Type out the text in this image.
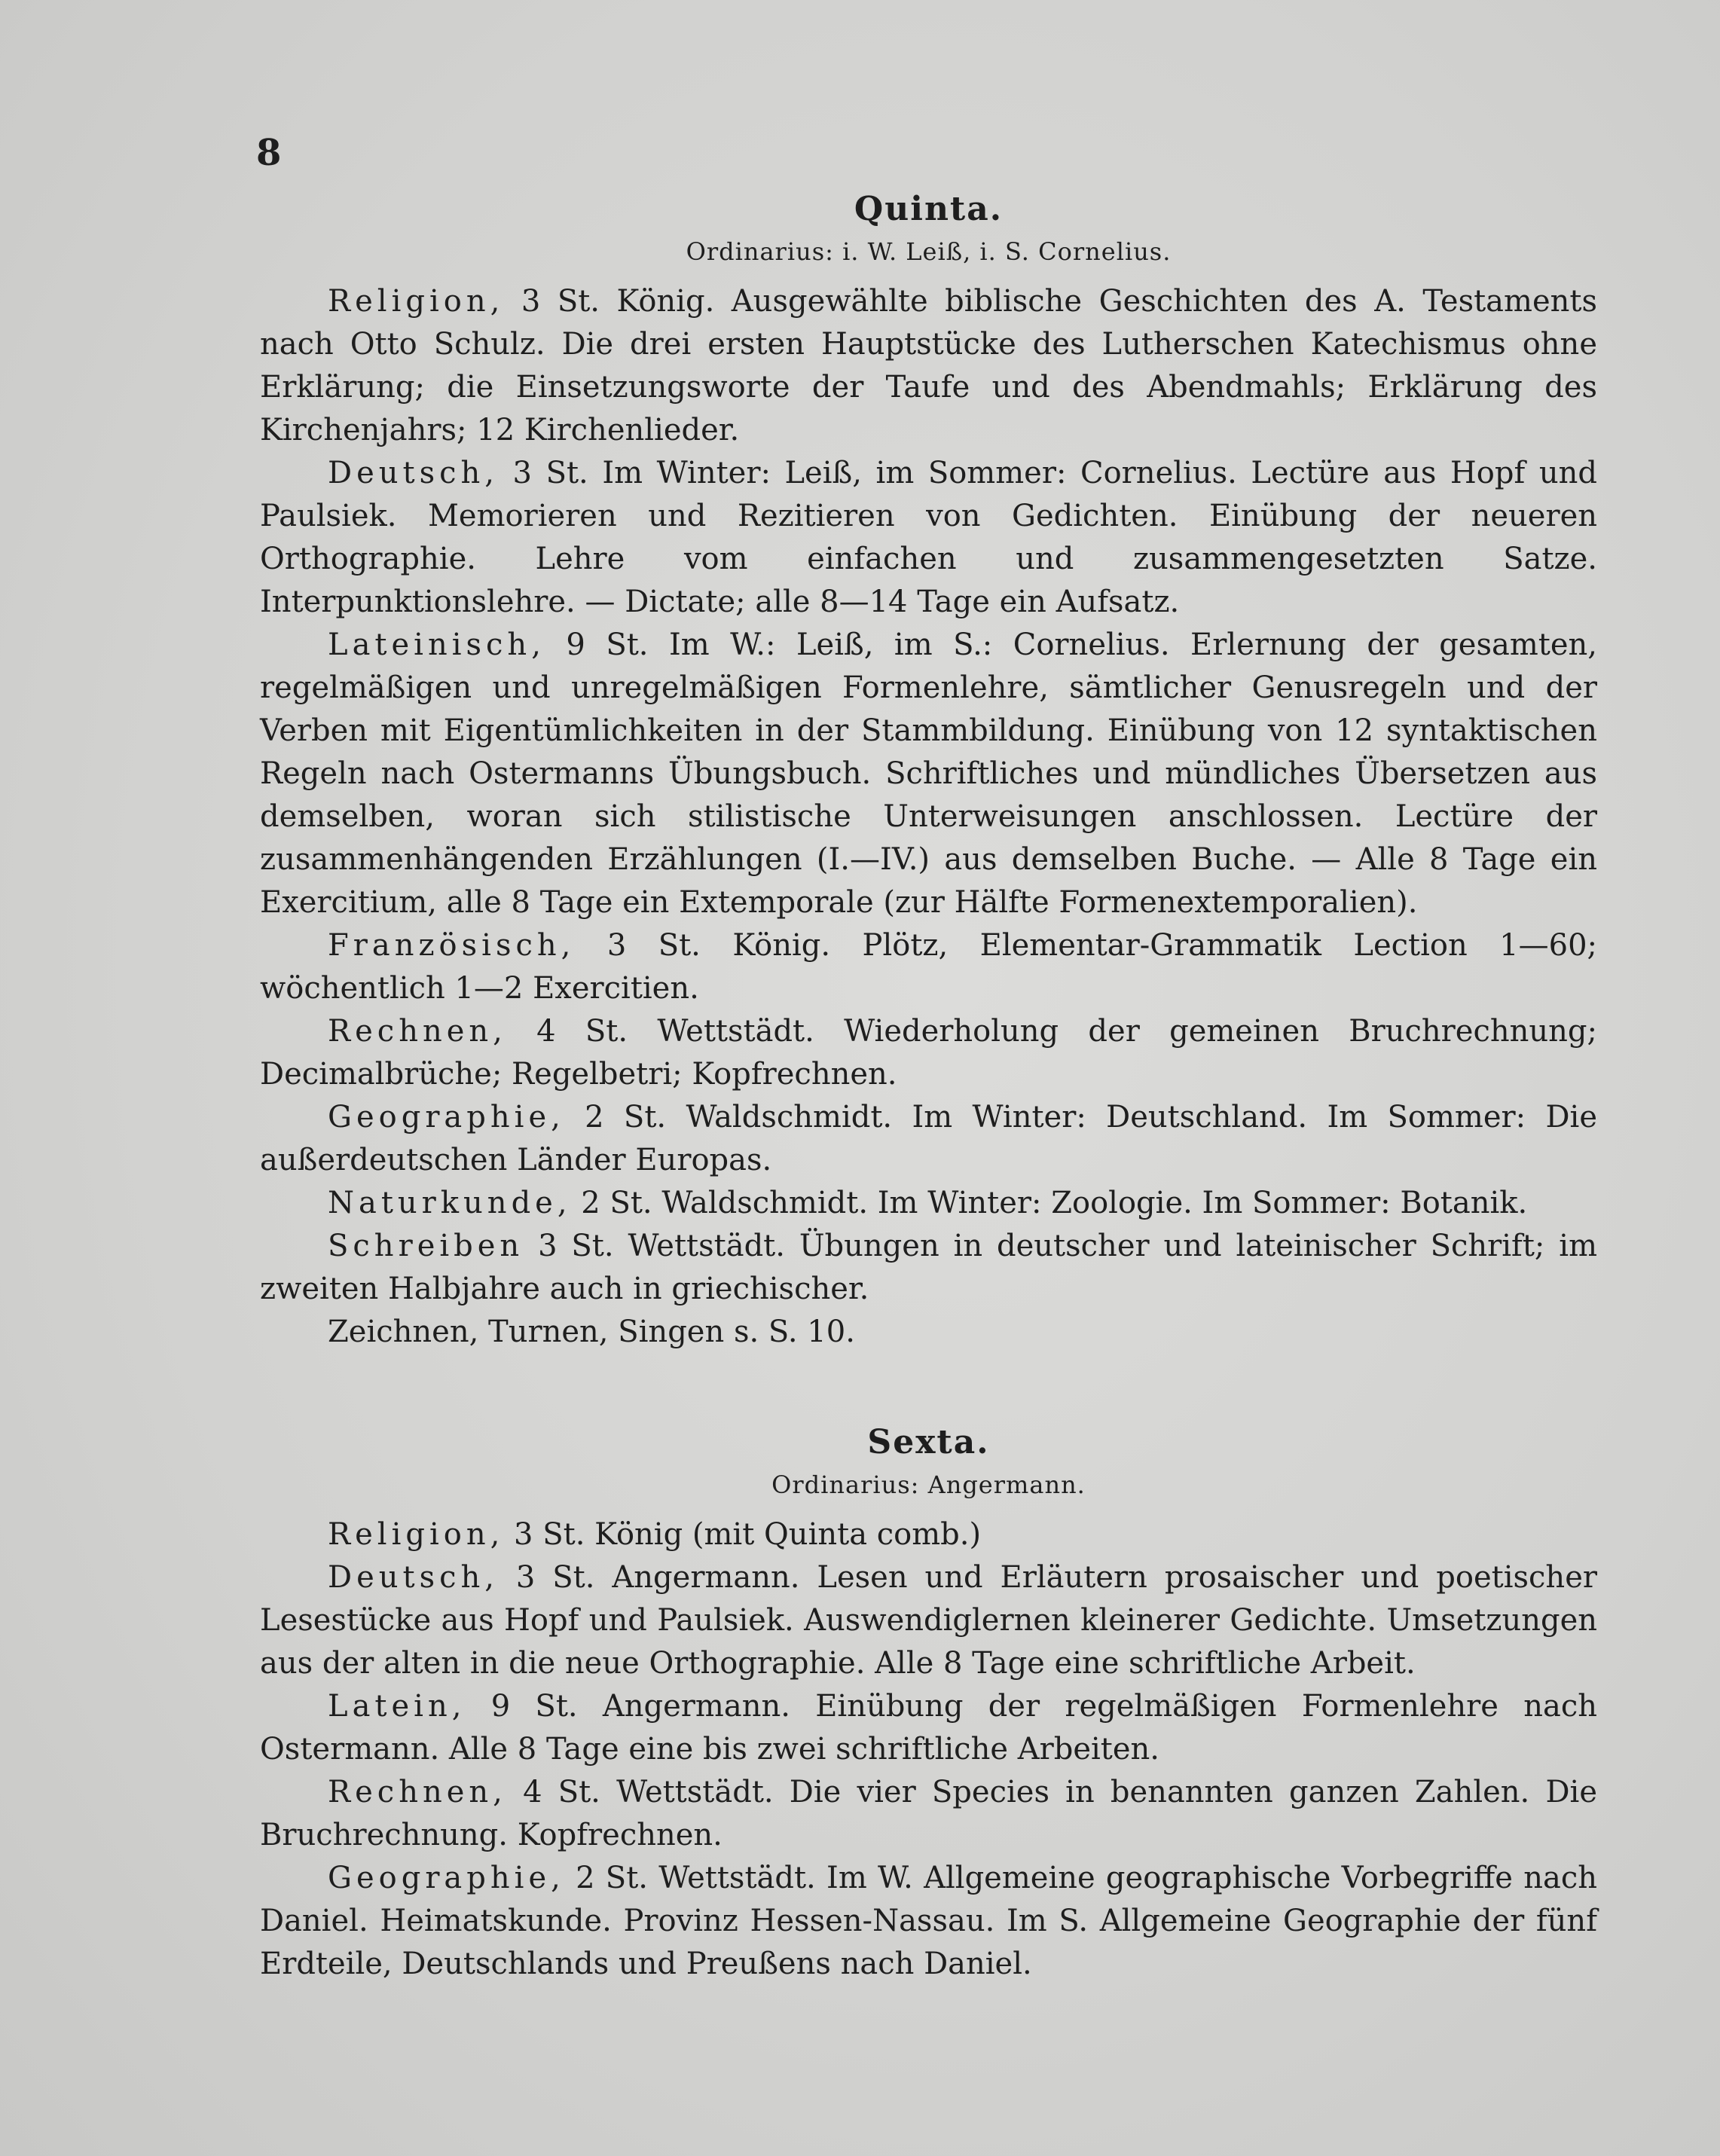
8
Quinta.
Ordinarius: i. W. Leiß, i. S. Cornelius.

Religion, 3 St. König. Ausgewählte biblische Geschichten des A. Testaments nach Otto Schulz. Die drei ersten Hauptstücke des Lutherschen Katechismus ohne Erklärung; die Einsetzungsworte der Taufe und des Abendmahls; Erklärung des Kirchenjahrs; 12 Kirchenlieder.

Deutsch, 3 St. Im Winter: Leiß, im Sommer: Cornelius. Lectüre aus Hopf und Paulsiek. Memorieren und Rezitieren von Gedichten. Einübung der neueren Orthographie. Lehre vom einfachen und zusammengesetzten Satze. Interpunktionslehre. — Dictate; alle 8—14 Tage ein Aufsatz.

Lateinisch, 9 St. Im W.: Leiß, im S.: Cornelius. Erlernung der gesamten, regelmäßigen und unregelmäßigen Formenlehre, sämtlicher Genusregeln und der Verben mit Eigentümlichkeiten in der Stammbildung. Einübung von 12 syntaktischen Regeln nach Ostermanns Übungsbuch. Schriftliches und mündliches Übersetzen aus demselben, woran sich stilistische Unterweisungen anschlossen. Lectüre der zusammenhängenden Erzählungen (I.—IV.) aus demselben Buche. — Alle 8 Tage ein Exercitium, alle 8 Tage ein Extemporale (zur Hälfte Formenextemporalien).

Französisch, 3 St. König. Plötz, Elementar-Grammatik Lection 1—60; wöchentlich 1—2 Exercitien.

Rechnen, 4 St. Wettstädt. Wiederholung der gemeinen Bruchrechnung; Decimalbrüche; Regelbetri; Kopfrechnen.

Geographie, 2 St. Waldschmidt. Im Winter: Deutschland. Im Sommer: Die außerdeutschen Länder Europas.

Naturkunde, 2 St. Waldschmidt. Im Winter: Zoologie. Im Sommer: Botanik.

Schreiben 3 St. Wettstädt. Übungen in deutscher und lateinischer Schrift; im zweiten Halbjahre auch in griechischer.

Zeichnen, Turnen, Singen s. S. 10.

Sexta.
Ordinarius: Angermann.

Religion, 3 St. König (mit Quinta comb.)

Deutsch, 3 St. Angermann. Lesen und Erläutern prosaischer und poetischer Lesestücke aus Hopf und Paulsiek. Auswendiglernen kleinerer Gedichte. Umsetzungen aus der alten in die neue Orthographie. Alle 8 Tage eine schriftliche Arbeit.

Latein, 9 St. Angermann. Einübung der regelmäßigen Formenlehre nach Ostermann. Alle 8 Tage eine bis zwei schriftliche Arbeiten.

Rechnen, 4 St. Wettstädt. Die vier Species in benannten ganzen Zahlen. Die Bruchrechnung. Kopfrechnen.

Geographie, 2 St. Wettstädt. Im W. Allgemeine geographische Vorbegriffe nach Daniel. Heimatskunde. Provinz Hessen-Nassau. Im S. Allgemeine Geographie der fünf Erdteile, Deutschlands und Preußens nach Daniel.
